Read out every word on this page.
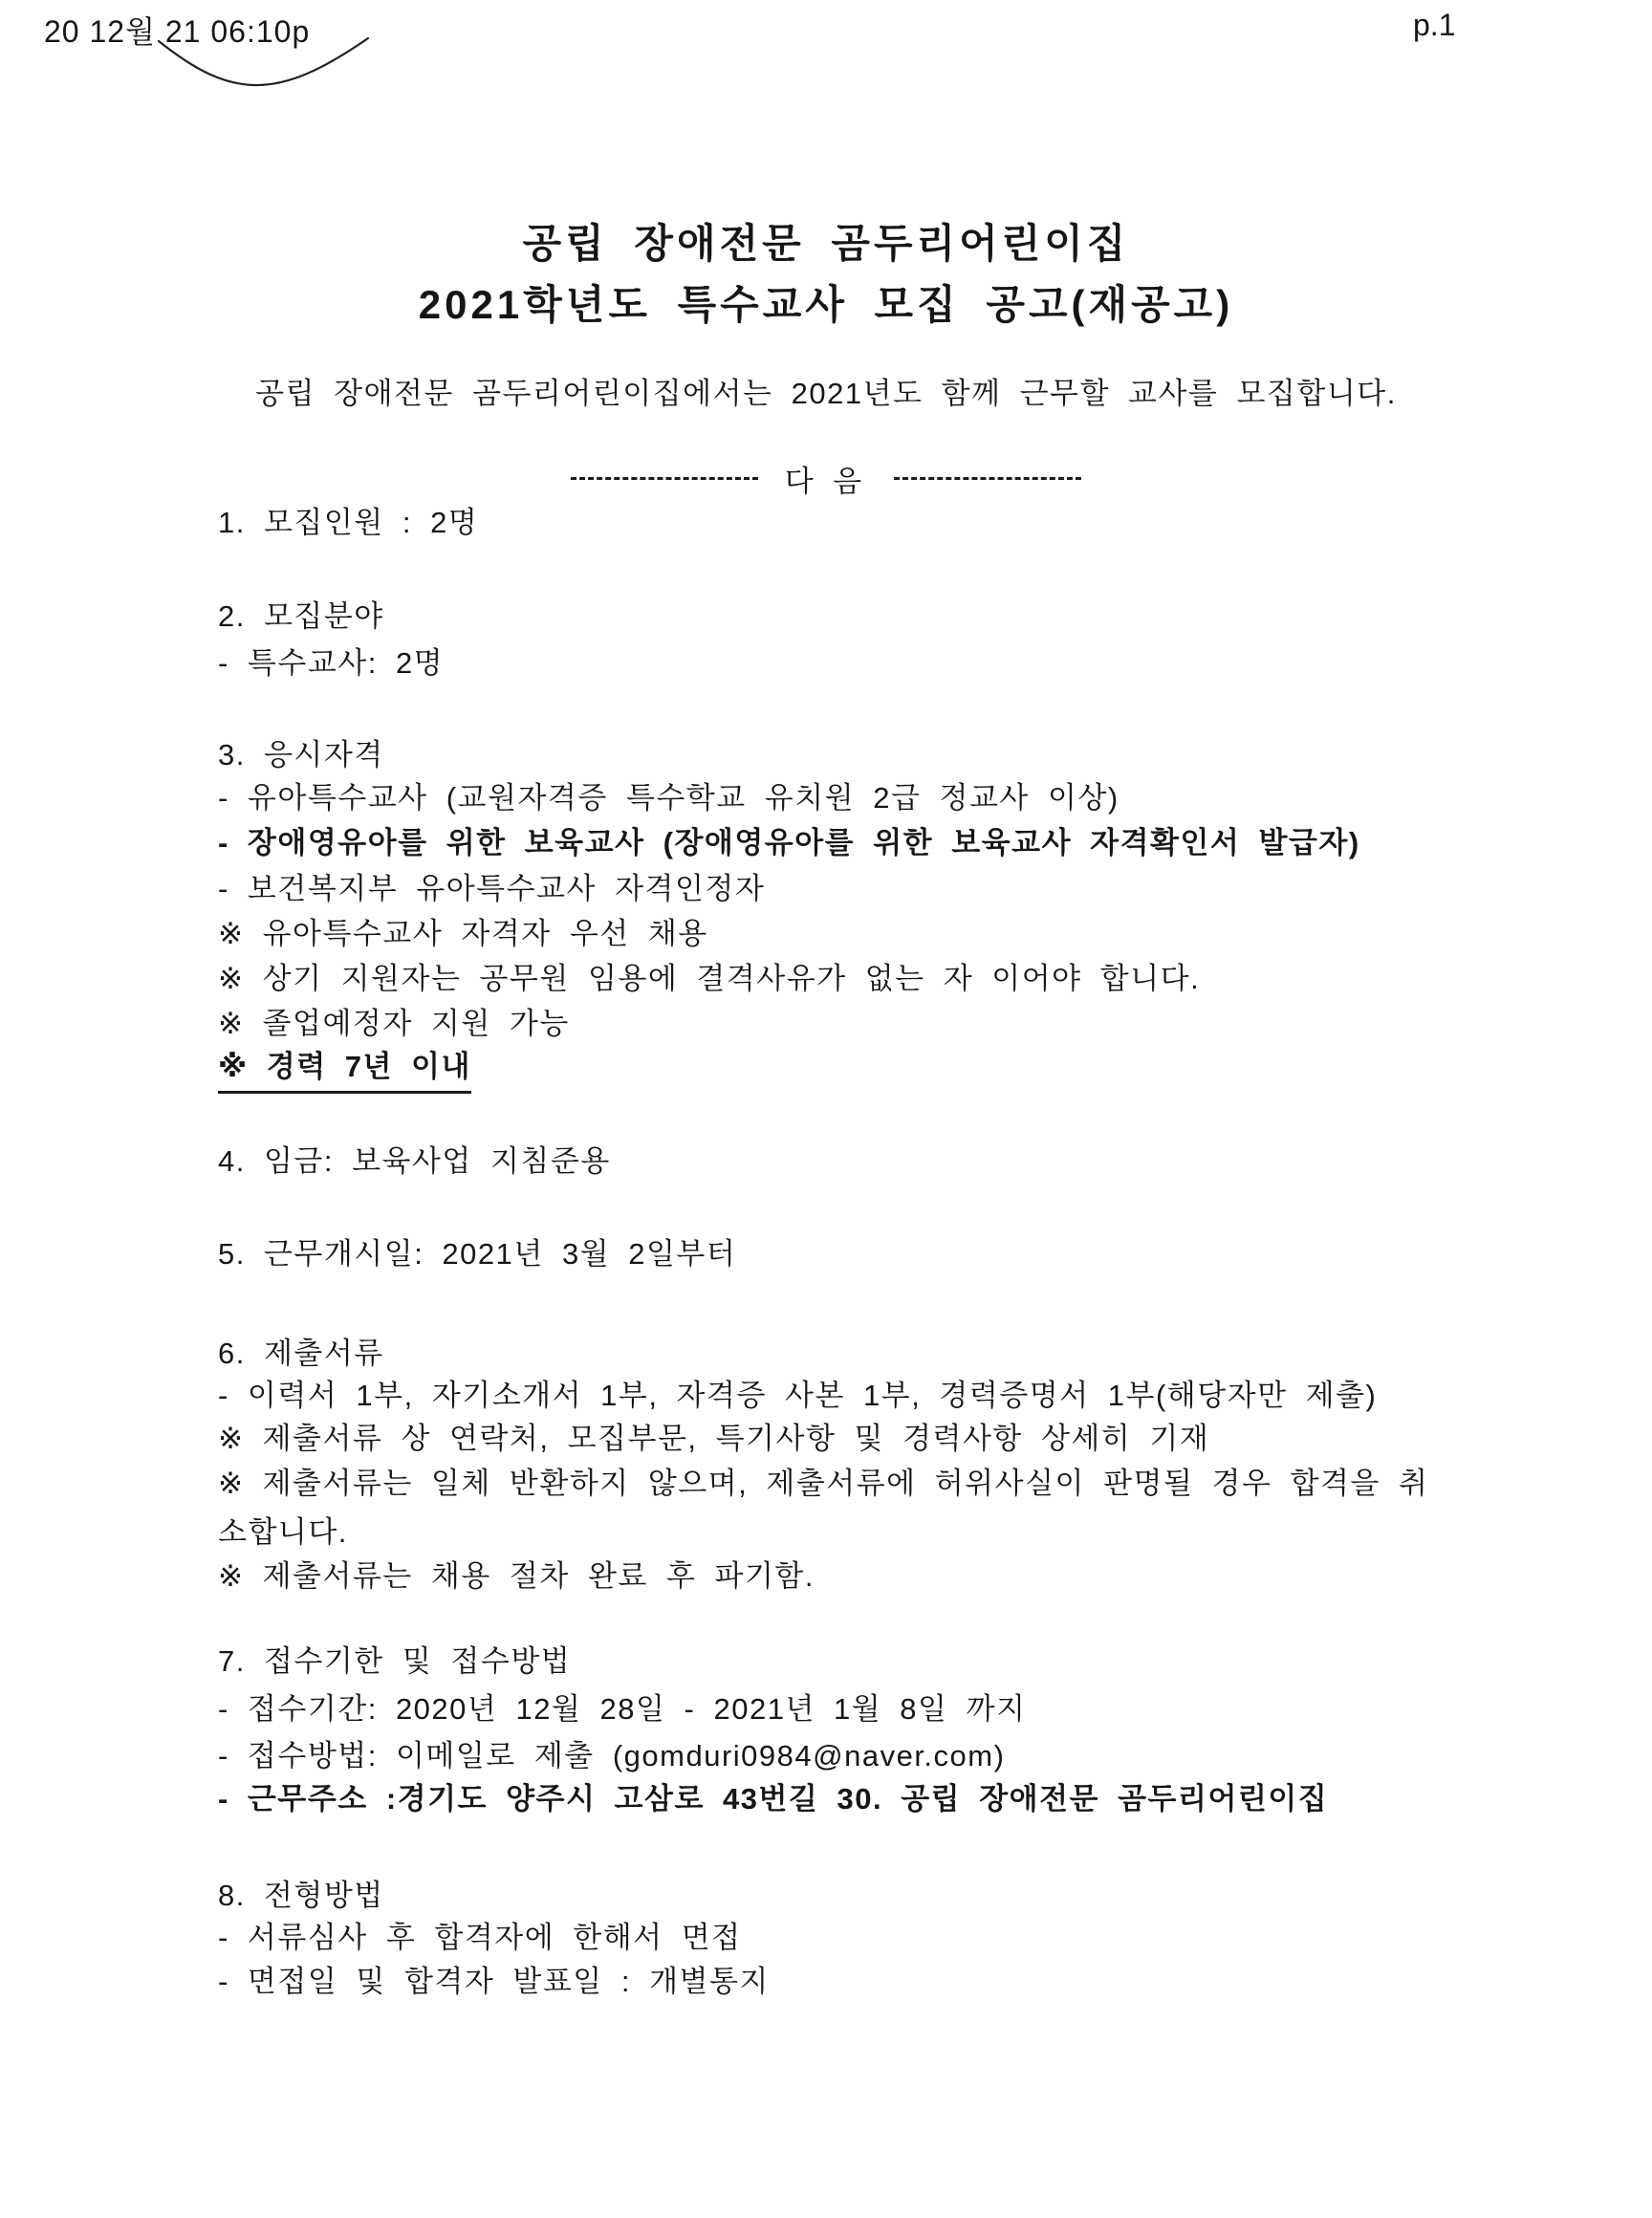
20 12월 21 06:10p	p.1
공립 장애전문 곰두리어린이집
2021학년도 특수교사 모집 공고(재공고)
공립 장애전문 곰두리어린이집에서는 2021년도 함께 근무할 교사를 모집합니다.
다 음
1. 모집인원 : 2명
2. 모집분야
- 특수교사: 2명
3. 응시자격
- 유아특수교사 (교원자격증 특수학교 유치원 2급 정교사 이상)
- 장애영유아를 위한 보육교사 (장애영유아를 위한 보육교사 자격확인서 발급자)
- 보건복지부 유아특수교사 자격인정자
※ 유아특수교사 자격자 우선 채용
※ 상기 지원자는 공무원 임용에 결격사유가 없는 자 이어야 합니다.
※ 졸업예정자 지원 가능
※ 경력 7년 이내
4. 임금: 보육사업 지침준용
5. 근무개시일: 2021년 3월 2일부터
6. 제출서류
- 이력서 1부, 자기소개서 1부, 자격증 사본 1부, 경력증명서 1부(해당자만 제출)
※ 제출서류 상 연락처, 모집부문, 특기사항 및 경력사항 상세히 기재
※ 제출서류는 일체 반환하지 않으며, 제출서류에 허위사실이 판명될 경우 합격을 취
소합니다.
※ 제출서류는 채용 절차 완료 후 파기함.
7. 접수기한 및 접수방법
- 접수기간: 2020년 12월 28일 - 2021년 1월 8일 까지
- 접수방법: 이메일로 제출 (gomduri0984@naver.com)
- 근무주소 :경기도 양주시 고삼로 43번길 30. 공립 장애전문 곰두리어린이집
8. 전형방법
- 서류심사 후 합격자에 한해서 면접
- 면접일 및 합격자 발표일 : 개별통지
